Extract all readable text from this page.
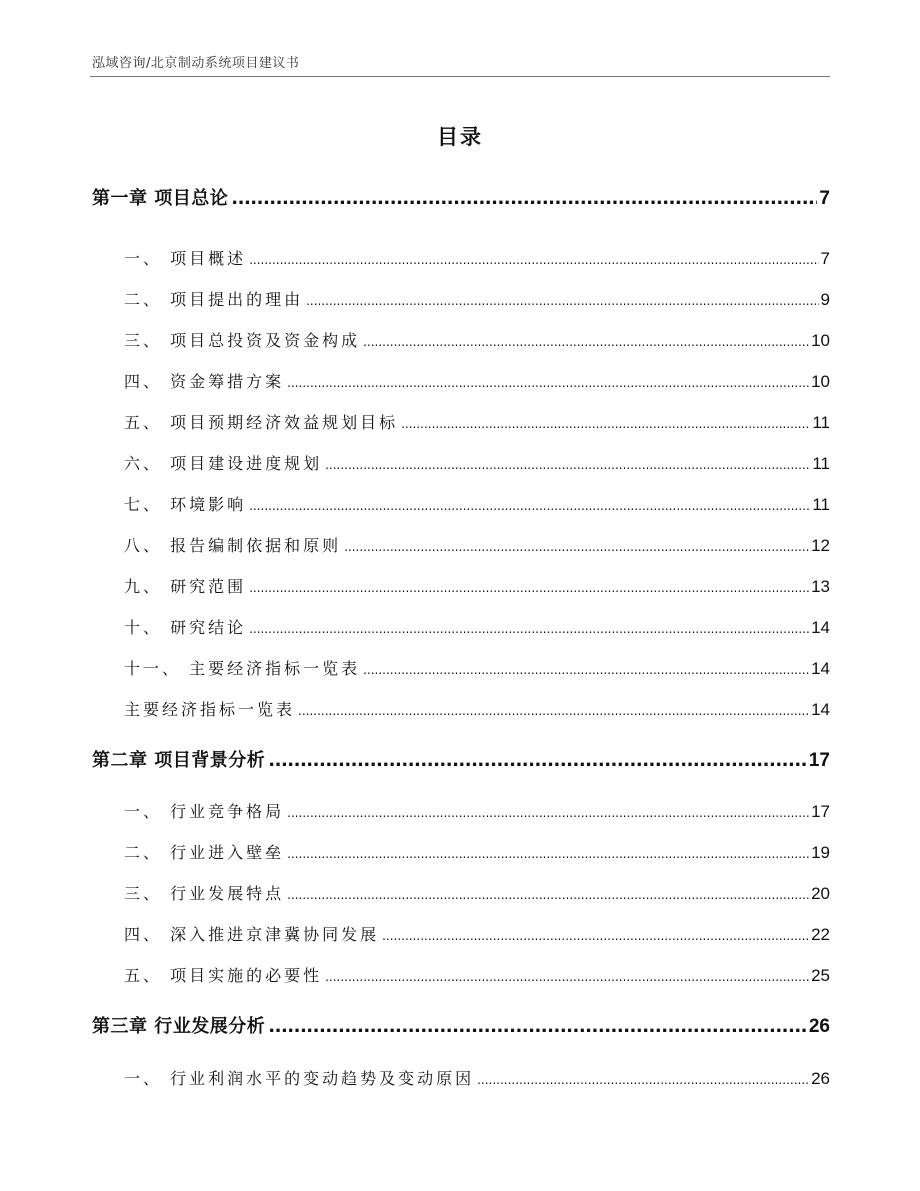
泓域咨询/北京制动系统项目建议书
目录
第一章 项目总论 .....	7
一、 项目概述 .....	7
二、 项目提出的理由 .....	9
三、 项目总投资及资金构成 .....	10
四、 资金筹措方案 .....	10
五、 项目预期经济效益规划目标 .....	11
六、 项目建设进度规划 .....	11
七、 环境影响 .....	11
八、 报告编制依据和原则 .....	12
九、 研究范围 .....	13
十、 研究结论 .....	14
十一、 主要经济指标一览表 .....	14
主要经济指标一览表 .....	14
第二章 项目背景分析 .....	17
一、 行业竞争格局 .....	17
二、 行业进入壁垒 .....	19
三、 行业发展特点 .....	20
四、 深入推进京津冀协同发展 .....	22
五、 项目实施的必要性 .....	25
第三章 行业发展分析 .....	26
一、 行业利润水平的变动趋势及变动原因 .....	26
